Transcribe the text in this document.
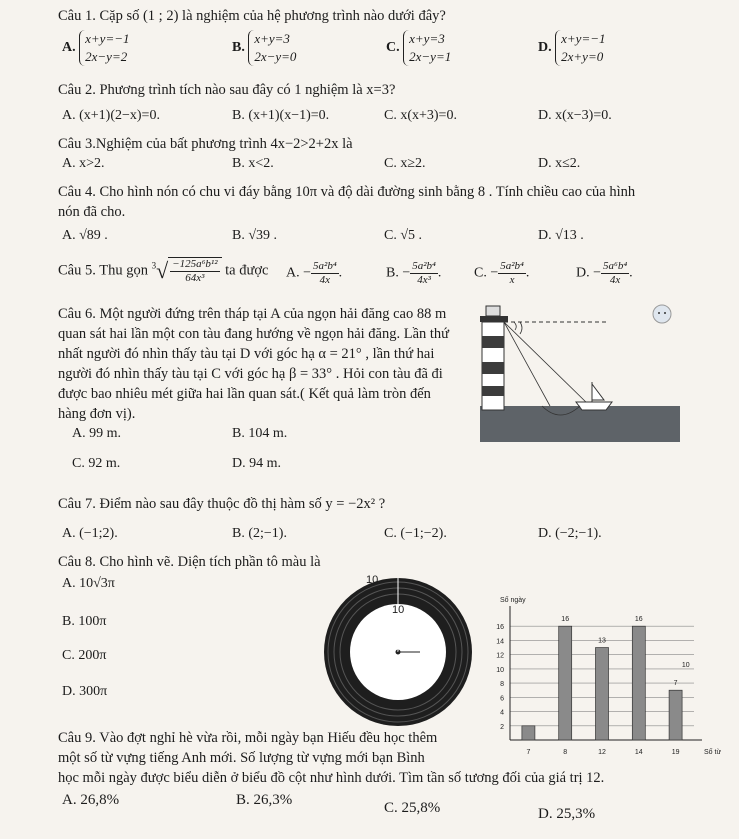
Câu 1. Cặp số (1 ; 2) là nghiệm của hệ phương trình nào dưới đây?
A. x+y=−1
2x−y=2
B. x+y=3
2x−y=0
C. x+y=3
2x−y=1
D. x+y=−1
2x+y=0
Câu 2. Phương trình tích nào sau đây có 1 nghiệm là x=3?
A. (x+1)(2−x)=0.	B. (x+1)(x−1)=0.	C. x(x+3)=0.	D. x(x−3)=0.
Câu 3.Nghiệm của bất phương trình 4x−2>2+2x là
A. x>2.	B. x<2.	C. x≥2.	D. x≤2.
Câu 4. Cho hình nón có chu vi đáy bằng 10π và độ dài đường sinh bằng 8 . Tính chiều cao của hình
nón đã cho.
A. √89 .	B. √39 .	C. √5 .	D. √13 .
Câu 5. Thu gọn $^3√ \frac{\text{−125a⁶b¹²}}{\text{64x³}}$ ta được A. − $\frac{\text{5a²b⁴}}{4x}$ .	B. − $\frac{\text{5a²b⁴}}{\text{4x³}}$ . C. − $\frac{\text{5a²b⁴}}{x}$ .	D. − $\frac{\text{5a⁶b⁴}}{4x}$ .
Câu 6. Một người đứng trên tháp tại A của ngọn hải đăng cao 88 m
quan sát hai lần một con tàu đang hướng về ngọn hải đăng. Lần thứ
nhất người đó nhìn thấy tàu tại D với góc hạ α = 21° , lần thứ hai
người đó nhìn thấy tàu tại C với góc hạ β = 33° . Hỏi con tàu đã đi
được bao nhiêu mét giữa hai lần quan sát.( Kết quả làm tròn đến
hàng đơn vị).
A. 99 m.	B. 104 m.
C. 92 m.	D. 94 m.
Câu 7. Điểm nào sau đây thuộc đồ thị hàm số y = −2x² ?
A. (−1;2).	B. (2;−1).	C. (−1;−2).	D. (−2;−1).
Câu 8. Cho hình vẽ. Diện tích phần tô màu là
A. 10√3π
B. 100π
C. 200π
D. 300π
10
10
2
4
6
8
10
12
14
16
Số ngày
Số từ
7	8
16
12
13
14
16
19
7
10
Câu 9. Vào đợt nghỉ hè vừa rồi, mỗi ngày bạn Hiếu đều học thêm
một số từ vựng tiếng Anh mới. Số lượng từ vựng mới bạn Bình
học mỗi ngày được biểu diễn ở biểu đồ cột như hình dưới. Tìm tần số tương đối của giá trị 12.
A. 26,8%	B. 26,3%	C. 25,8%	D. 25,3%
